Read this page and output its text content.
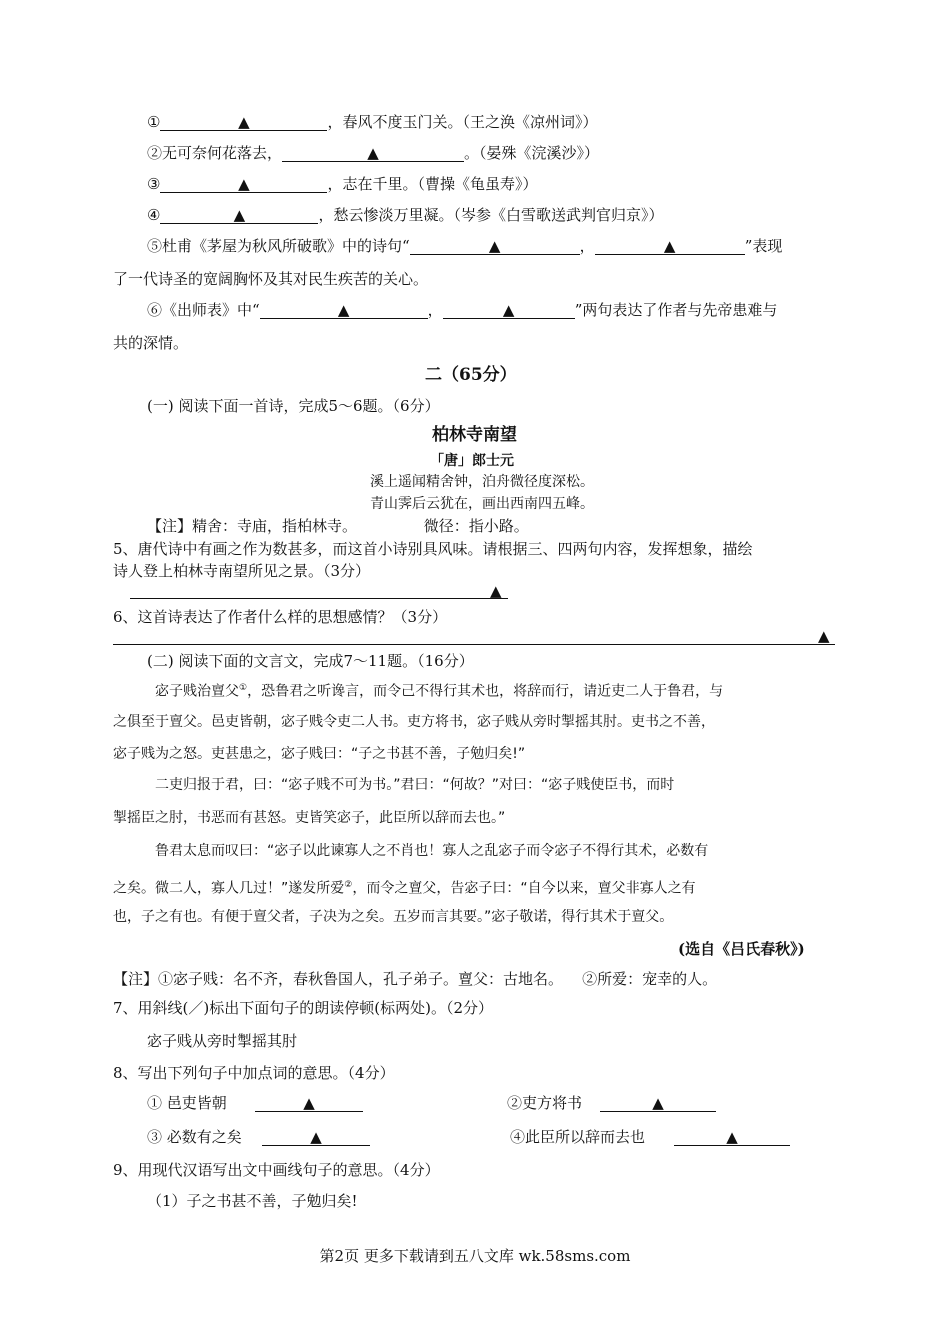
①	▲	，春风不度玉门关。（王之涣《凉州词》）
②无可奈何花落去，	▲	。（晏殊《浣溪沙》）
③	▲	，志在千里。（曹操《龟虽寿》）
④	▲	，愁云惨淡万里凝。（岑参《白雪歌送武判官归京》）
⑤杜甫《茅屋为秋风所破歌》中的诗句“	▲	，	▲	”表现
了一代诗圣的宽阔胸怀及其对民生疾苦的关心。
⑥《出师表》中“	▲	，	▲	”两句表达了作者与先帝患难与
共的深情。
二（65分）
(一) 阅读下面一首诗，完成5～6题。（6分）
柏林寺南望
「唐」郎士元
溪上遥闻精舍钟，泊舟微径度深松。
青山霁后云犹在，画出西南四五峰。
【注】精舍：寺庙，指柏林寺。              微径：指小路。
5、唐代诗中有画之作为数甚多，而这首小诗别具风味。请根据三、四两句内容，发挥想象，描绘
诗人登上柏林寺南望所见之景。（3分）
▲
6、这首诗表达了作者什么样的思想感情？（3分）
▲
(二) 阅读下面的文言文，完成7～11题。（16分）
宓子贱治亶父①，恐鲁君之听谗言，而令己不得行其术也，将辞而行，请近吏二人于鲁君，与
之俱至于亶父。邑吏皆朝，宓子贱令吏二人书。吏方将书，宓子贱从旁时掣摇其肘。吏书之不善，
宓子贱为之怒。吏甚患之，宓子贱曰：“子之书甚不善，子勉归矣!”
二吏归报于君，曰：“宓子贱不可为书。”君曰：“何故？”对曰：“宓子贱使臣书，而时
掣摇臣之肘，书恶而有甚怒。吏皆笑宓子，此臣所以辞而去也。”
鲁君太息而叹曰：“宓子以此谏寡人之不肖也！寡人之乱宓子而令宓子不得行其术，必数有
之矣。微二人，寡人几过！”遂发所爱②，而令之亶父，告宓子曰：“自今以来，亶父非寡人之有
也，子之有也。有便于亶父者，子决为之矣。五岁而言其要。”宓子敬诺，得行其术于亶父。
(选自《吕氏春秋》)
【注】①宓子贱：名不齐，春秋鲁国人，孔子弟子。亶父：古地名。    ②所爱：宠幸的人。
7、用斜线(／)标出下面句子的朗读停顿(标两处)。（2分）
宓子贱从旁时掣摇其肘
8、写出下列句子中加点词的意思。（4分）
① 邑吏皆朝	▲	②吏方将书	▲
③ 必数有之矣	▲	④此臣所以辞而去也	▲
9、用现代汉语写出文中画线句子的意思。（4分）
（1）子之书甚不善，子勉归矣!
第2页 更多下载请到五八文库 wk.58sms.com
